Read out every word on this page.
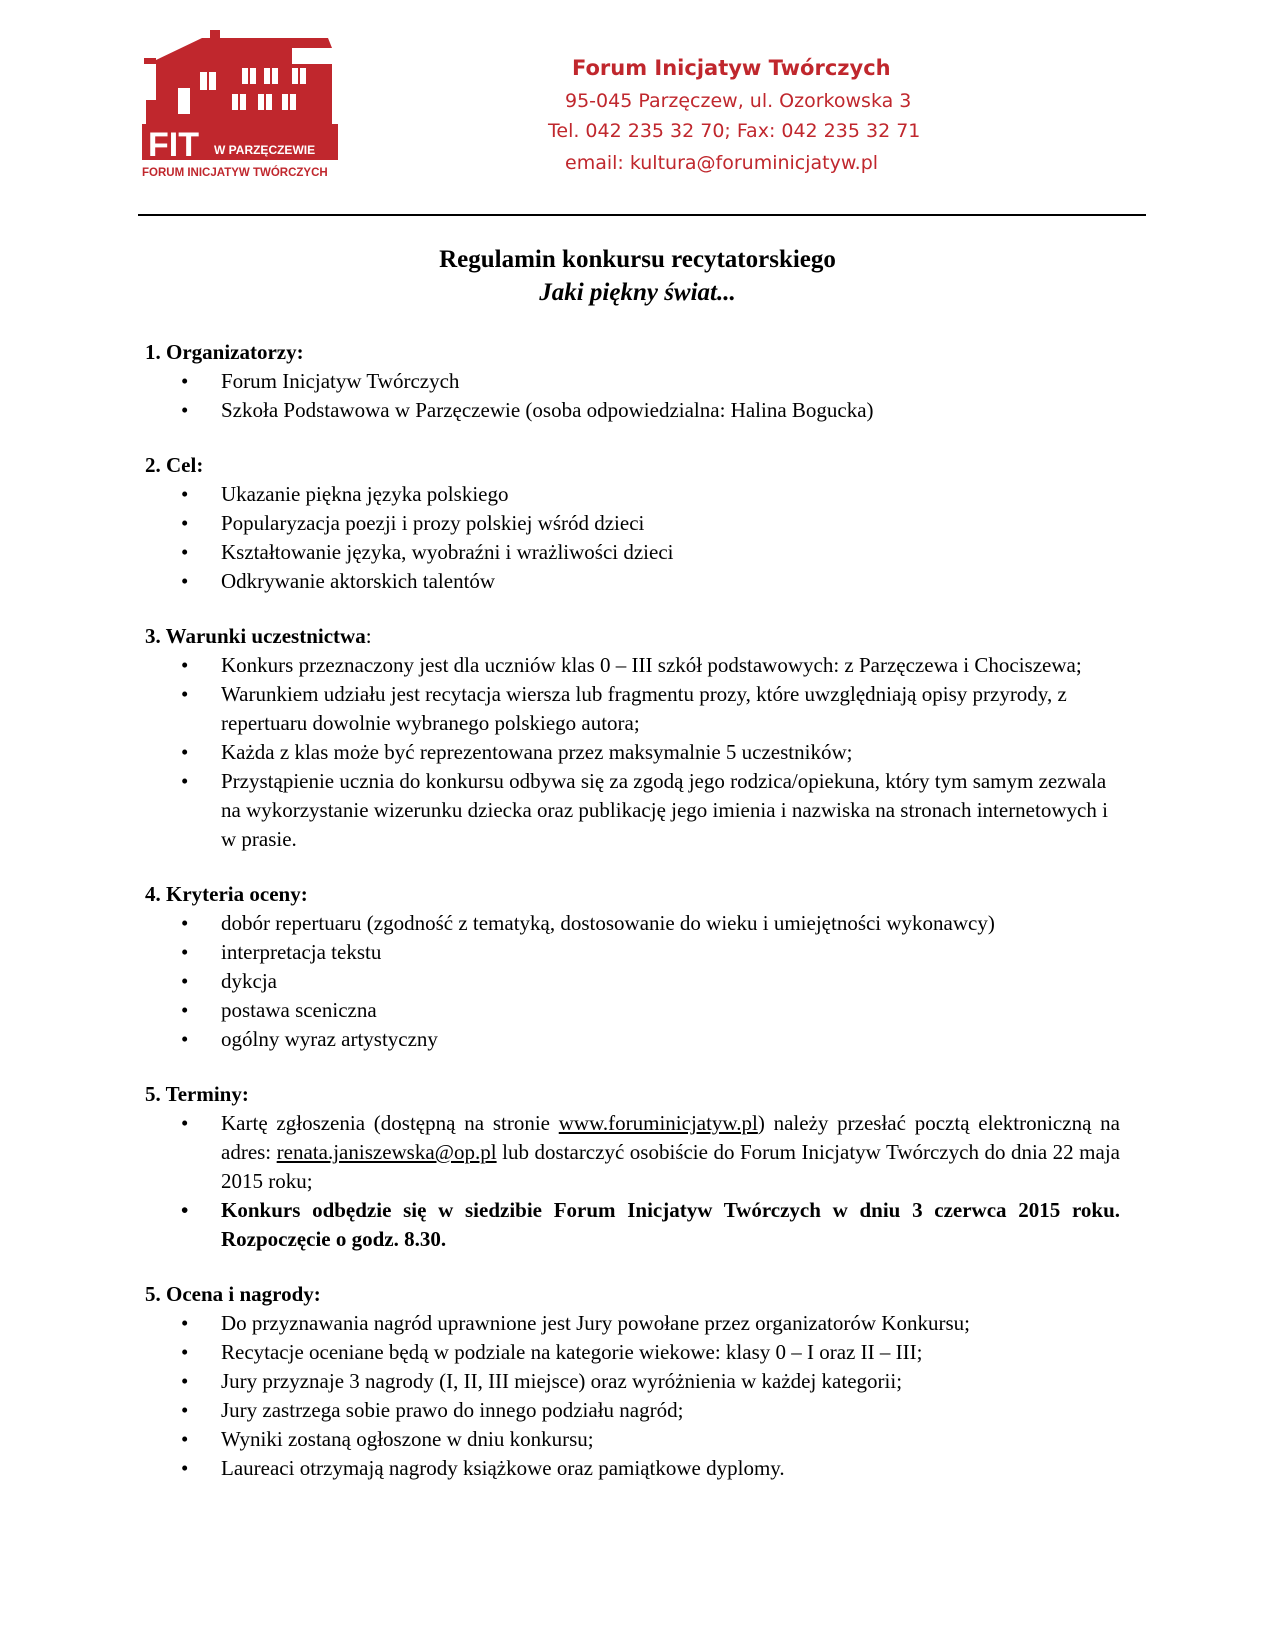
FIT W PARZĘCZEWIE
FORUM INICJATYW TWÓRCZYCH
Forum Inicjatyw Twórczych
95-045 Parzęczew, ul. Ozorkowska 3
Tel. 042 235 32 70; Fax: 042 235 32 71
email: kultura@foruminicjatyw.pl
Regulamin konkursu recytatorskiego
Jaki piękny świat...

1. Organizatorzy:

• Forum Inicjatyw Twórczych
• Szkoła Podstawowa w Parzęczewie (osoba odpowiedzialna: Halina Bogucka)

2. Cel:

• Ukazanie piękna języka polskiego
• Popularyzacja poezji i prozy polskiej wśród dzieci
• Kształtowanie języka, wyobraźni i wrażliwości dzieci
• Odkrywanie aktorskich talentów

3. Warunki uczestnictwa:

• Konkurs przeznaczony jest dla uczniów klas 0 – III szkół podstawowych: z Parzęczewa i Chociszewa;
• Warunkiem udziału jest recytacja wiersza lub fragmentu prozy, które uwzględniają opisy przyrody, z repertuaru dowolnie wybranego polskiego autora;
• Każda z klas może być reprezentowana przez maksymalnie 5 uczestników;
• Przystąpienie ucznia do konkursu odbywa się za zgodą jego rodzica/opiekuna, który tym samym zezwala na wykorzystanie wizerunku dziecka oraz publikację jego imienia i nazwiska na stronach internetowych i w prasie.

4. Kryteria oceny:

• dobór repertuaru (zgodność z tematyką, dostosowanie do wieku i umiejętności wykonawcy)
• interpretacja tekstu
• dykcja
• postawa sceniczna
• ogólny wyraz artystyczny

5. Terminy:

• Kartę zgłoszenia (dostępną na stronie www.foruminicjatyw.pl) należy przesłać pocztą elektroniczną na adres: renata.janiszewska@op.pl lub dostarczyć osobiście do Forum Inicjatyw Twórczych do dnia 22 maja 2015 roku;
• Konkurs odbędzie się w siedzibie Forum Inicjatyw Twórczych w dniu 3 czerwca 2015 roku. Rozpoczęcie o godz. 8.30.

5. Ocena i nagrody:

• Do przyznawania nagród uprawnione jest Jury powołane przez organizatorów Konkursu;
• Recytacje oceniane będą w podziale na kategorie wiekowe: klasy 0 – I oraz II – III;
• Jury przyznaje 3 nagrody (I, II, III miejsce) oraz wyróżnienia w każdej kategorii;
• Jury zastrzega sobie prawo do innego podziału nagród;
• Wyniki zostaną ogłoszone w dniu konkursu;
• Laureaci otrzymają nagrody książkowe oraz pamiątkowe dyplomy.
